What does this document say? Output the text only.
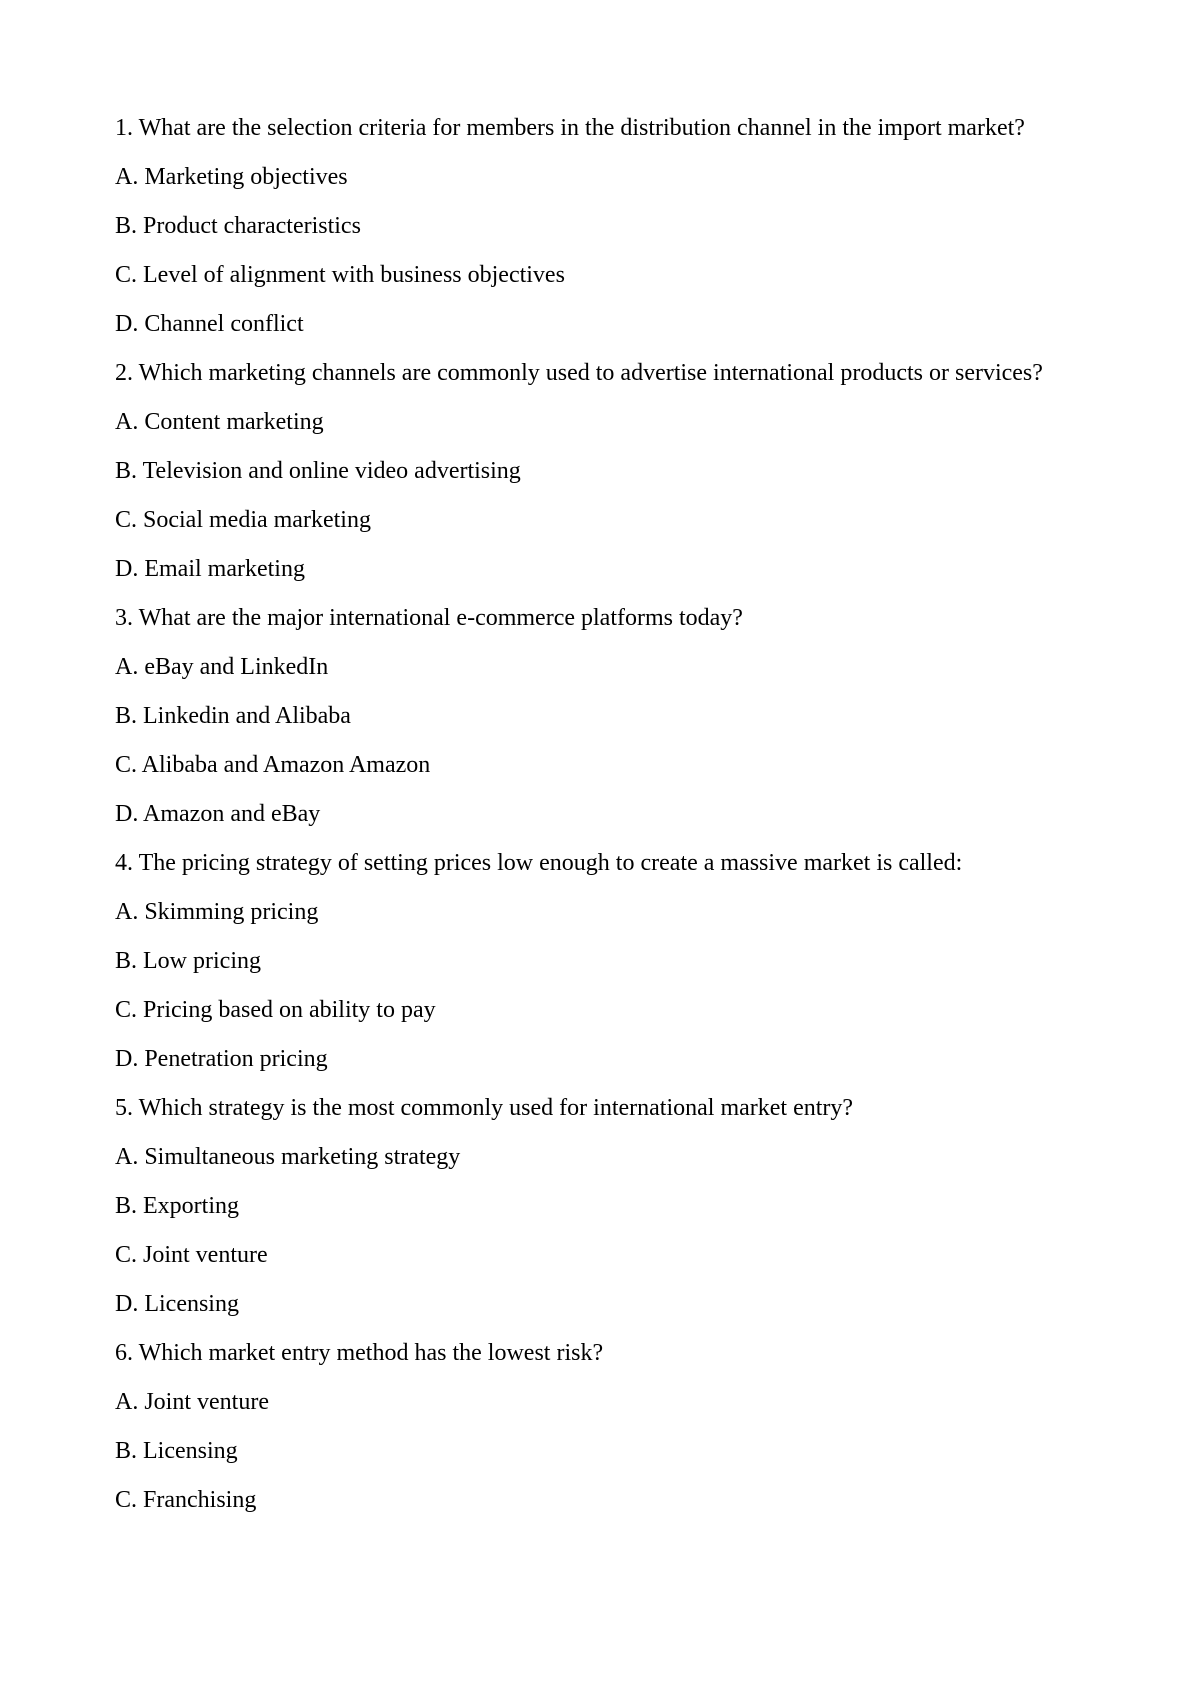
1. What are the selection criteria for members in the distribution channel in the import market?

A. Marketing objectives

B. Product characteristics

C. Level of alignment with business objectives

D. Channel conflict

2. Which marketing channels are commonly used to advertise international products or services?

A. Content marketing

B. Television and online video advertising

C. Social media marketing

D. Email marketing

3. What are the major international e-commerce platforms today?

A. eBay and LinkedIn

B. Linkedin and Alibaba

C. Alibaba and Amazon Amazon

D. Amazon and eBay

4. The pricing strategy of setting prices low enough to create a massive market is called:

A. Skimming pricing

B. Low pricing

C. Pricing based on ability to pay

D. Penetration pricing

5. Which strategy is the most commonly used for international market entry?

A. Simultaneous marketing strategy

B. Exporting

C. Joint venture

D. Licensing

6. Which market entry method has the lowest risk?

A. Joint venture

B. Licensing

C. Franchising
